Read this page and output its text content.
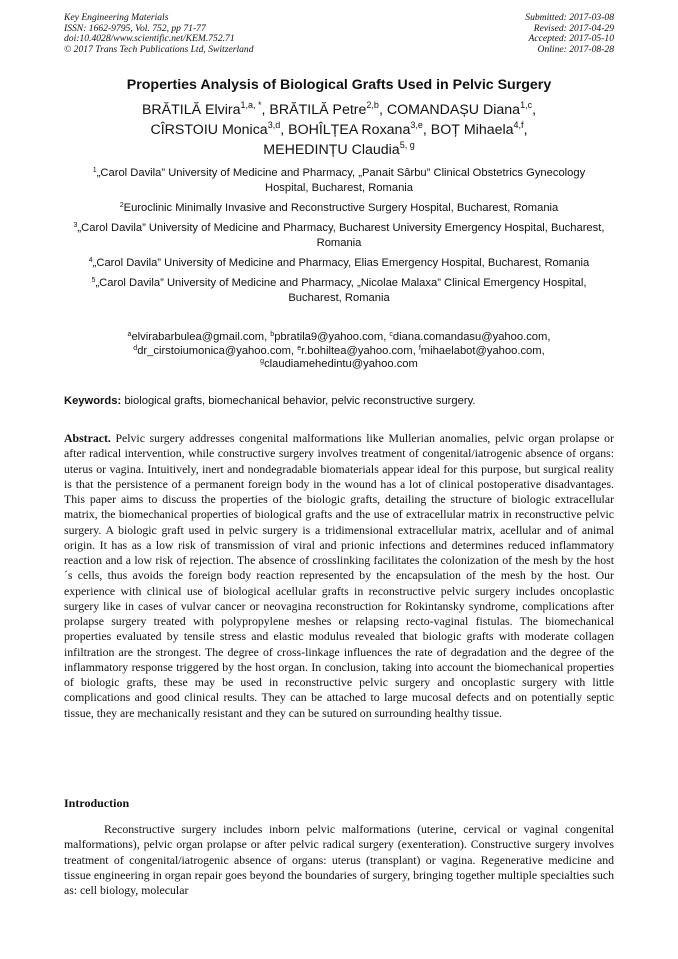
Key Engineering Materials
ISSN: 1662-9795, Vol. 752, pp 71-77
doi:10.4028/www.scientific.net/KEM.752.71
© 2017 Trans Tech Publications Ltd, Switzerland
Submitted: 2017-03-08
Revised: 2017-04-29
Accepted: 2017-05-10
Online: 2017-08-28
Properties Analysis of Biological Grafts Used in Pelvic Surgery
BRĂTILĂ Elvira$^{1,a, *}$, BRĂTILĂ Petre$^{2,b}$, COMANDAȘU Diana$^{1,c}$,
CÎRSTOIU Monica$^{3,d}$, BOHÎLȚEA Roxana$^{3,e}$, BOȚ Mihaela$^{4,f}$,
MEHEDINȚU Claudia$^{5, g}$
$^1$„Carol Davila” University of Medicine and Pharmacy, „Panait Sârbu” Clinical Obstetrics Gynecology Hospital, Bucharest, Romania
$^2$Euroclinic Minimally Invasive and Reconstructive Surgery Hospital, Bucharest, Romania
$^3$„Carol Davila” University of Medicine and Pharmacy, Bucharest University Emergency Hospital, Bucharest, Romania
$^4$„Carol Davila” University of Medicine and Pharmacy, Elias Emergency Hospital, Bucharest, Romania
$^5$„Carol Davila” University of Medicine and Pharmacy, „Nicolae Malaxa” Clinical Emergency Hospital, Bucharest, Romania
$^a$elvirabarbulea@gmail.com, $^b$pbratila9@yahoo.com, $^c$diana.comandasu@yahoo.com,
$^d$dr_cirstoiumonica@yahoo.com, $^e$r.bohiltea@yahoo.com, $^f$mihaelabot@yahoo.com,
$^g$claudiamehedintu@yahoo.com
Keywords: biological grafts, biomechanical behavior, pelvic reconstructive surgery.

Abstract. Pelvic surgery addresses congenital malformations like Mullerian anomalies, pelvic organ prolapse or after radical intervention, while constructive surgery involves treatment of congenital/iatrogenic absence of organs: uterus or vagina. Intuitively, inert and nondegradable biomaterials appear ideal for this purpose, but surgical reality is that the persistence of a permanent foreign body in the wound has a lot of clinical postoperative disadvantages. This paper aims to discuss the properties of the biologic grafts, detailing the structure of biologic extracellular matrix, the biomechanical properties of biological grafts and the use of extracellular matrix in reconstructive pelvic surgery. A biologic graft used in pelvic surgery is a tridimensional extracellular matrix, acellular and of animal origin. It has as a low risk of transmission of viral and prionic infections and determines reduced inflammatory reaction and a low risk of rejection. The absence of crosslinking facilitates the colonization of the mesh by the host´s cells, thus avoids the foreign body reaction represented by the encapsulation of the mesh by the host. Our experience with clinical use of biological acellular grafts in reconstructive pelvic surgery includes oncoplastic surgery like in cases of vulvar cancer or neovagina reconstruction for Rokintansky syndrome, complications after prolapse surgery treated with polypropylene meshes or relapsing recto-vaginal fistulas. The biomechanical properties evaluated by tensile stress and elastic modulus revealed that biologic grafts with moderate collagen infiltration are the strongest. The degree of cross-linkage influences the rate of degradation and the degree of the inflammatory response triggered by the host organ. In conclusion, taking into account the biomechanical properties of biologic grafts, these may be used in reconstructive pelvic surgery and oncoplastic surgery with little complications and good clinical results. They can be attached to large mucosal defects and on potentially septic tissue, they are mechanically resistant and they can be sutured on surrounding healthy tissue.

Introduction

Reconstructive surgery includes inborn pelvic malformations (uterine, cervical or vaginal congenital malformations), pelvic organ prolapse or after pelvic radical surgery (exenteration). Constructive surgery involves treatment of congenital/iatrogenic absence of organs: uterus (transplant) or vagina. Regenerative medicine and tissue engineering in organ repair goes beyond the boundaries of surgery, bringing together multiple specialties such as: cell biology, molecular
